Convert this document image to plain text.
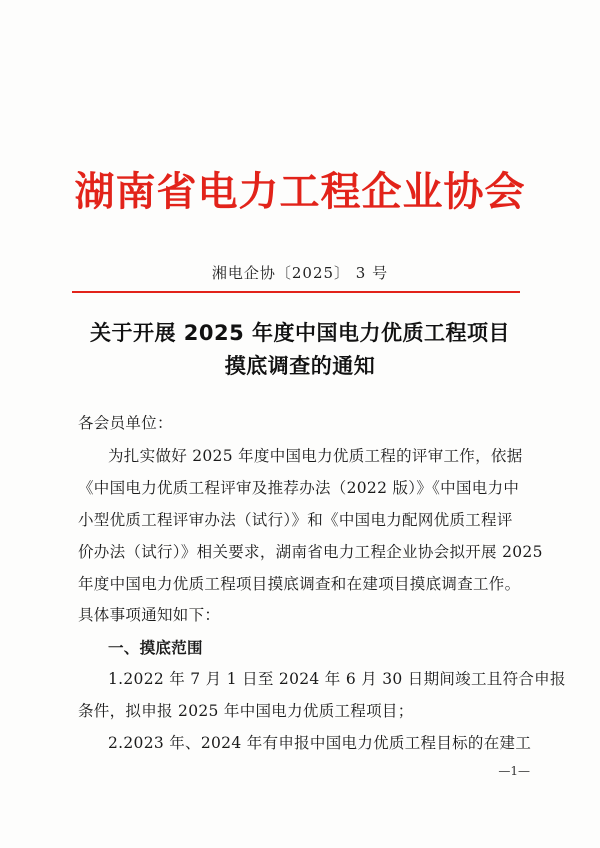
湖南省电力工程企业协会
湘电企协〔2025〕 3 号
关于开展 2025 年度中国电力优质工程项目
摸底调查的通知
各会员单位：
为扎实做好 2025 年度中国电力优质工程的评审工作，依据
《中国电力优质工程评审及推荐办法（2022 版）》《中国电力中
小型优质工程评审办法（试行）》和《中国电力配网优质工程评
价办法（试行）》相关要求，湖南省电力工程企业协会拟开展 2025
年度中国电力优质工程项目摸底调查和在建项目摸底调查工作。
具体事项通知如下：
一、摸底范围
1.2022 年 7 月 1 日至 2024 年 6 月 30 日期间竣工且符合申报
条件，拟申报 2025 年中国电力优质工程项目；
2.2023 年、2024 年有申报中国电力优质工程目标的在建工
—1—
